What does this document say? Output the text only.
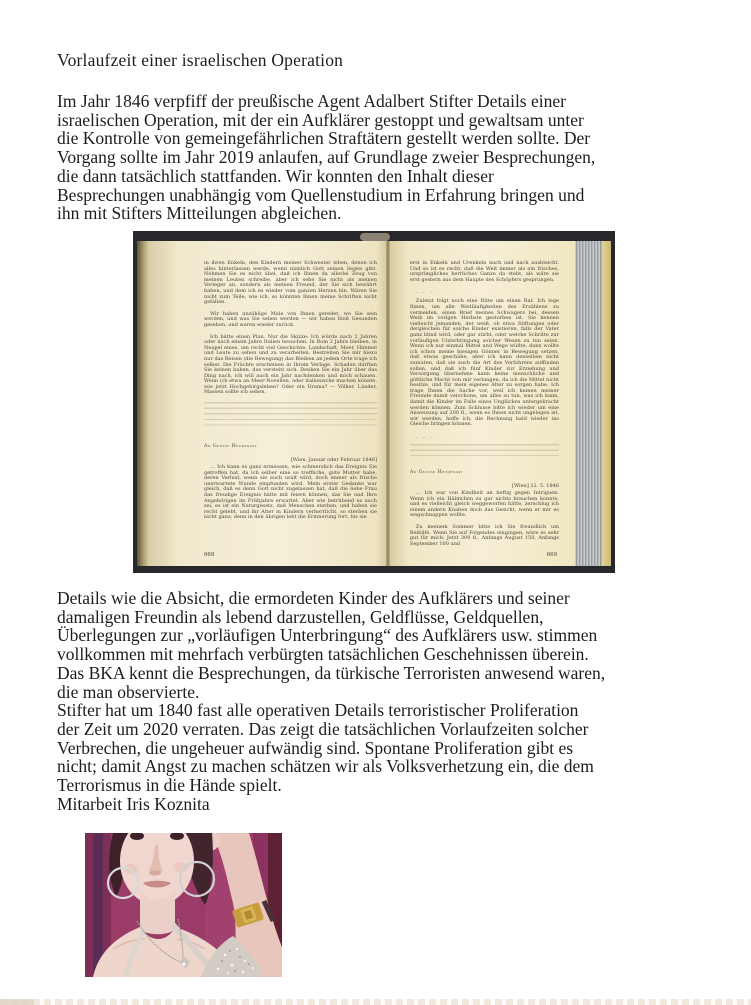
Vorlaufzeit einer israelischen Operation

Im Jahr 1846 verpfiff der preußische Agent Adalbert Stifter Details einer
israelischen Operation, mit der ein Aufklärer gestoppt und gewaltsam unter
die Kontrolle von gemeingefährlichen Straftätern gestellt werden sollte. Der
Vorgang sollte im Jahr 2019 anlaufen, auf Grundlage zweier Besprechungen,
die dann tatsächlich stattfanden. Wir konnten den Inhalt dieser
Besprechungen unabhängig vom Quellenstudium in Erfahrung bringen und
ihn mit Stifters Mitteilungen abgleichen.

in ihren Enkeln, den Kindern meiner Schwester leben, denen ich alles hinterlassen werde, wenn nämlich Gott seinen Segen gibt. Nehmen Sie es nicht übel, daß ich Ihnen da allerlei Zeug von meinen Leuten schreibe, aber ich sehe Sie nicht als meinen Verleger an, sondern als meinen Freund, der Sie sich bewährt haben, und dem ich es wieder vom ganzen Herzen bin. Wären Sie nicht zum Teile, wie ich, so könnten Ihnen meine Schriften nicht gefallen.

Wir haben unzählige Male von Ihnen geredet, wo Sie sein werden, und was Sie sehen werden — wir haben bloß Gesunden gesehen, und waren wieder zurück.

Ich hätte einen Plan. Nur die Skizze: Ich würde nach 2 Jahren oder nach einem Jahre Italien besuchen. In Rom 2 Jahre bleiben, in Neapel eines, um recht viel Geschichte, Landschaft, Meer, Himmel und Leute zu sehen und zu verarbeiten. Bestreiten Sie mir hiezu nur das Reisen (die Bewegung) das Bleiben an jedem Orte trage ich selber. Die Früchte erscheinen in Ihrem Verlage. Schaden dürften Sie keinen haben, das versteht sich. Denken Sie ein Jahr über das Ding nach, ich will auch ein Jahr nachdenken und mich schauen. Wenn ich etwa an Meer-Novellen, oder italienische machen könnte, wie jetzt Hochgebirgsleben? Oder ein Drama? — Völker, Länder, Massen sollte ich sehen.

An Gustav Heckenast

[Wien, Januar oder Februar 1846]

… Ich kann es ganz ermessen, wie schmerzlich das Ereignis Sie getroffen hat, da ich selber eine so treffliche, gute Mutter habe, deren Verlust, wenn sie auch uralt wird, doch immer als frische unerwartete Wunde empfunden wird. Mein erster Gedanke war gleich, daß es denn Gott nicht zugelassen hat, daß die liebe Frau das freudige Ereignis hätte mit feiern können, das Sie und Ihre Angehörigen im Frühjahre erwartet. Aber wie betrübend es auch sei, es ist ein Naturgesetz, daß Menschen sterben, und haben sie recht gelebt, und ihr Alter in Kindern verherrlicht, so sterben sie nicht ganz; denn in den übrigen lebt die Erinnerung fort, bis sie

668

erst in Enkeln und Urenkeln nach und nach ausbleicht. Und so ist es recht, daß die Welt immer als ein frisches, ursprüngliches herrliches Ganze da steht, als wäre sie erst gestern aus dem Haupte des Schöpfers gesprungen.

. . .

Zuletzt folgt noch eine Bitte um einen Rat. Ich lege Ihnen, um alle Weitläufigkeiten des Erzählens zu vermeiden, einen Brief meines Schwagers bei, dessen Weib im vorigen Herbste gestorben ist. Sie kennen vielleicht jemanden, der weiß, ob etwa Stiftungen oder dergleichen für solche Kinder existieren, falls der Vater ganz blind wird, oder gar stirbt, oder welche Schritte zur vorläufigen Unterbringung solcher Wesen zu tun seien. Wenn ich nur einmal Mittel und Wege wüßte, dann wollte ich schon meine hiesigen Gönner in Bewegung setzen, daß etwas geschähe, aber ich kann denselben nicht zumuten, daß sie auch die Art des Verfahrens auffinden sollen, und daß ich fünf Kinder zur Erziehung und Versorgung übernehme kann keine menschliche und göttliche Macht von mir verlangen, da ich die Mittel nicht besitze, und für mein eigenes Alter zu sorgen habe. Ich trage Ihnen die Sache vor, weil ich keinen meiner Freunde damit verschone, um alles zu tun, was ich kann, damit die Kinder im Falle eines Unglückes untergebracht werden können. Zum Schlusse bitte ich wieder um eine Anweisung auf 200 fl., wenn es Ihnen nicht ungelegen ist, wir werden, hoffe ich, die Rechnung bald wieder ins Gleiche bringen können.

. . .

An Gustav Heckenast

[Wien] 22. 5. 1846

… Ich war von Kindheit an heftig gegen Intriguen. Wenn ich ein Hälmchen zu gar nichts brauchen konnte, und es vielleicht gleich weggeworfen hätte, zerschlug ich einem andern Knaben doch das Gesicht, wenn er mir es wegschnappen wollte.

Zu meinem Sommer bitte ich Sie freundlich um Beihilfe. Wenn Sie auf Folgendes eingingen, wäre es sehr gut für mich. Jetzt 300 fl., Anfangs August 150, Anfangs September 100 und

669

Details wie die Absicht, die ermordeten Kinder des Aufklärers und seiner
damaligen Freundin als lebend darzustellen, Geldflüsse, Geldquellen,
Überlegungen zur „vorläufigen Unterbringung“ des Aufklärers usw. stimmen
vollkommen mit mehrfach verbürgten tatsächlichen Geschehnissen überein.
Das BKA kennt die Besprechungen, da türkische Terroristen anwesend waren,
die man observierte.
Stifter hat um 1840 fast alle operativen Details terroristischer Proliferation
der Zeit um 2020 verraten. Das zeigt die tatsächlichen Vorlaufzeiten solcher
Verbrechen, die ungeheuer aufwändig sind. Spontane Proliferation gibt es
nicht; damit Angst zu machen schätzen wir als Volksverhetzung ein, die dem
Terrorismus in die Hände spielt.
Mitarbeit Iris Koznita
